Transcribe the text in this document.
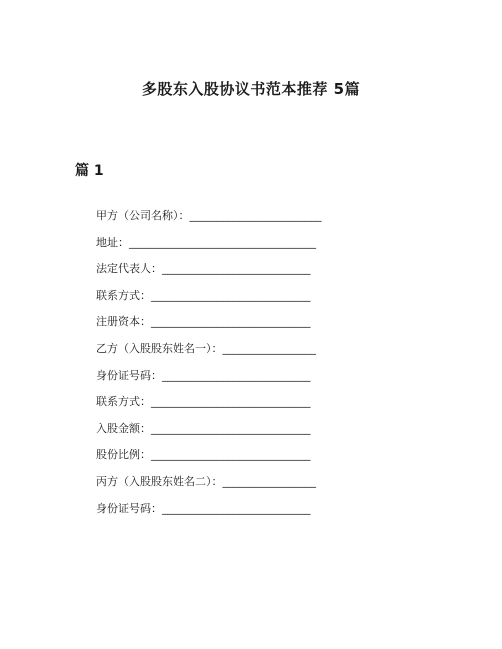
多股东入股协议书范本推荐 5篇
篇 1
甲方（公司名称）：________________________
地址：__________________________________
法定代表人：___________________________
联系方式：_____________________________
注册资本：_____________________________
乙方（入股股东姓名一）：_________________
身份证号码：___________________________
联系方式：_____________________________
入股金额：_____________________________
股份比例：_____________________________
丙方（入股股东姓名二）：_________________
身份证号码：___________________________
